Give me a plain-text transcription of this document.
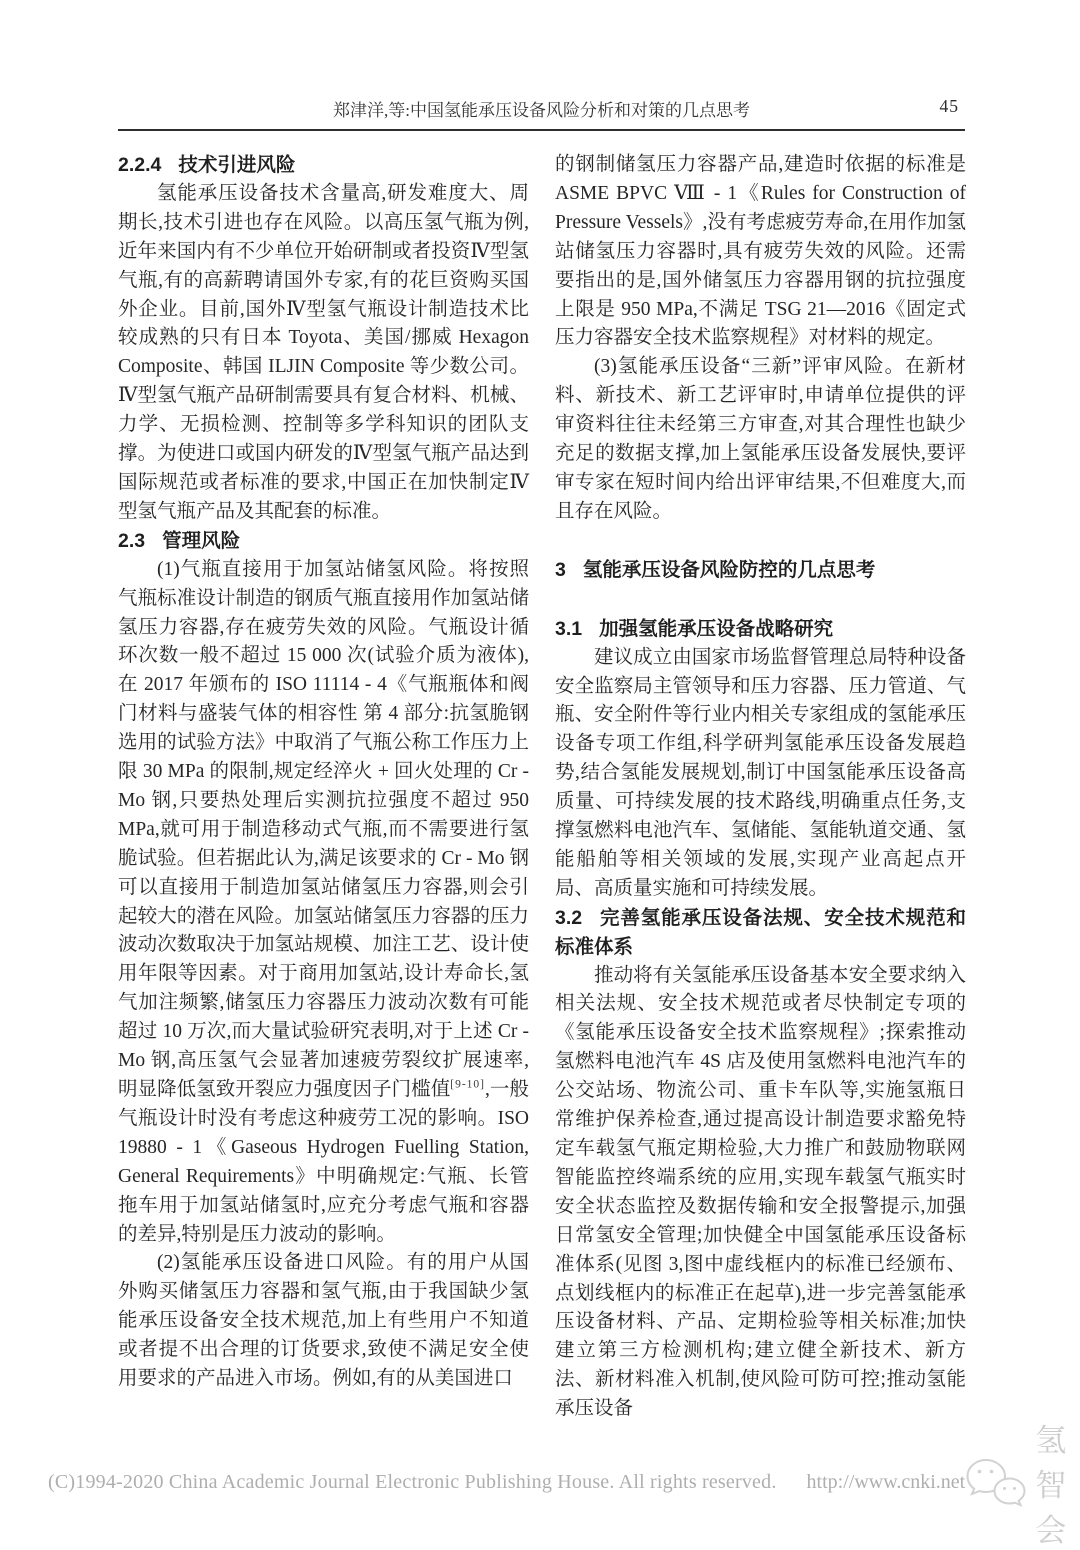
郑津洋,等:中国氢能承压设备风险分析和对策的几点思考	45
2.2.4 技术引进风险

氢能承压设备技术含量高,研发难度大、周期长,技术引进也存在风险。以高压氢气瓶为例,近年来国内有不少单位开始研制或者投资Ⅳ型氢气瓶,有的高薪聘请国外专家,有的花巨资购买国外企业。目前,国外Ⅳ型氢气瓶设计制造技术比较成熟的只有日本 Toyota、美国/挪威 Hexagon Composite、韩国 ILJIN Composite 等少数公司。Ⅳ型氢气瓶产品研制需要具有复合材料、机械、力学、无损检测、控制等多学科知识的团队支撑。为使进口或国内研发的Ⅳ型氢气瓶产品达到国际规范或者标准的要求,中国正在加快制定Ⅳ型氢气瓶产品及其配套的标准。

2.3 管理风险

(1)气瓶直接用于加氢站储氢风险。将按照气瓶标准设计制造的钢质气瓶直接用作加氢站储氢压力容器,存在疲劳失效的风险。气瓶设计循环次数一般不超过 15 000 次(试验介质为液体),在 2017 年颁布的 ISO 11114 - 4《气瓶瓶体和阀门材料与盛装气体的相容性 第 4 部分:抗氢脆钢选用的试验方法》中取消了气瓶公称工作压力上限 30 MPa 的限制,规定经淬火 + 回火处理的 Cr - Mo 钢,只要热处理后实测抗拉强度不超过 950 MPa,就可用于制造移动式气瓶,而不需要进行氢脆试验。但若据此认为,满足该要求的 Cr - Mo 钢可以直接用于制造加氢站储氢压力容器,则会引起较大的潜在风险。加氢站储氢压力容器的压力波动次数取决于加氢站规模、加注工艺、设计使用年限等因素。对于商用加氢站,设计寿命长,氢气加注频繁,储氢压力容器压力波动次数有可能超过 10 万次,而大量试验研究表明,对于上述 Cr - Mo 钢,高压氢气会显著加速疲劳裂纹扩展速率,明显降低氢致开裂应力强度因子门槛值[9-10],一般气瓶设计时没有考虑这种疲劳工况的影响。ISO 19880 - 1《Gaseous Hydrogen Fuelling Station, General Requirements》中明确规定:气瓶、长管拖车用于加氢站储氢时,应充分考虑气瓶和容器的差异,特别是压力波动的影响。

(2)氢能承压设备进口风险。有的用户从国外购买储氢压力容器和氢气瓶,由于我国缺少氢能承压设备安全技术规范,加上有些用户不知道或者提不出合理的订货要求,致使不满足安全使用要求的产品进入市场。例如,有的从美国进口

的钢制储氢压力容器产品,建造时依据的标准是 ASME BPVC Ⅷ - 1《Rules for Construction of Pressure Vessels》,没有考虑疲劳寿命,在用作加氢站储氢压力容器时,具有疲劳失效的风险。还需要指出的是,国外储氢压力容器用钢的抗拉强度上限是 950 MPa,不满足 TSG 21—2016《固定式压力容器安全技术监察规程》对材料的规定。

(3)氢能承压设备“三新”评审风险。在新材料、新技术、新工艺评审时,申请单位提供的评审资料往往未经第三方审查,对其合理性也缺少充足的数据支撑,加上氢能承压设备发展快,要评审专家在短时间内给出评审结果,不但难度大,而且存在风险。

3 氢能承压设备风险防控的几点思考
3.1 加强氢能承压设备战略研究

建议成立由国家市场监督管理总局特种设备安全监察局主管领导和压力容器、压力管道、气瓶、安全附件等行业内相关专家组成的氢能承压设备专项工作组,科学研判氢能承压设备发展趋势,结合氢能发展规划,制订中国氢能承压设备高质量、可持续发展的技术路线,明确重点任务,支撑氢燃料电池汽车、氢储能、氢能轨道交通、氢能船舶等相关领域的发展,实现产业高起点开局、高质量实施和可持续发展。

3.2 完善氢能承压设备法规、安全技术规范和标准体系

推动将有关氢能承压设备基本安全要求纳入相关法规、安全技术规范或者尽快制定专项的《氢能承压设备安全技术监察规程》;探索推动氢燃料电池汽车 4S 店及使用氢燃料电池汽车的公交站场、物流公司、重卡车队等,实施氢瓶日常维护保养检查,通过提高设计制造要求豁免特定车载氢气瓶定期检验,大力推广和鼓励物联网智能监控终端系统的应用,实现车载氢气瓶实时安全状态监控及数据传输和安全报警提示,加强日常氢安全管理;加快健全中国氢能承压设备标准体系(见图 3,图中虚线框内的标准已经颁布、点划线框内的标准正在起草),进一步完善氢能承压设备材料、产品、定期检验等相关标准;加快建立第三方检测机构;建立健全新技术、新方法、新材料准入机制,使风险可防可控;推动氢能承压设备

(C)1994-2020 China Academic Journal Electronic Publishing House. All rights reserved. http://www.cnki.net
氢智会
